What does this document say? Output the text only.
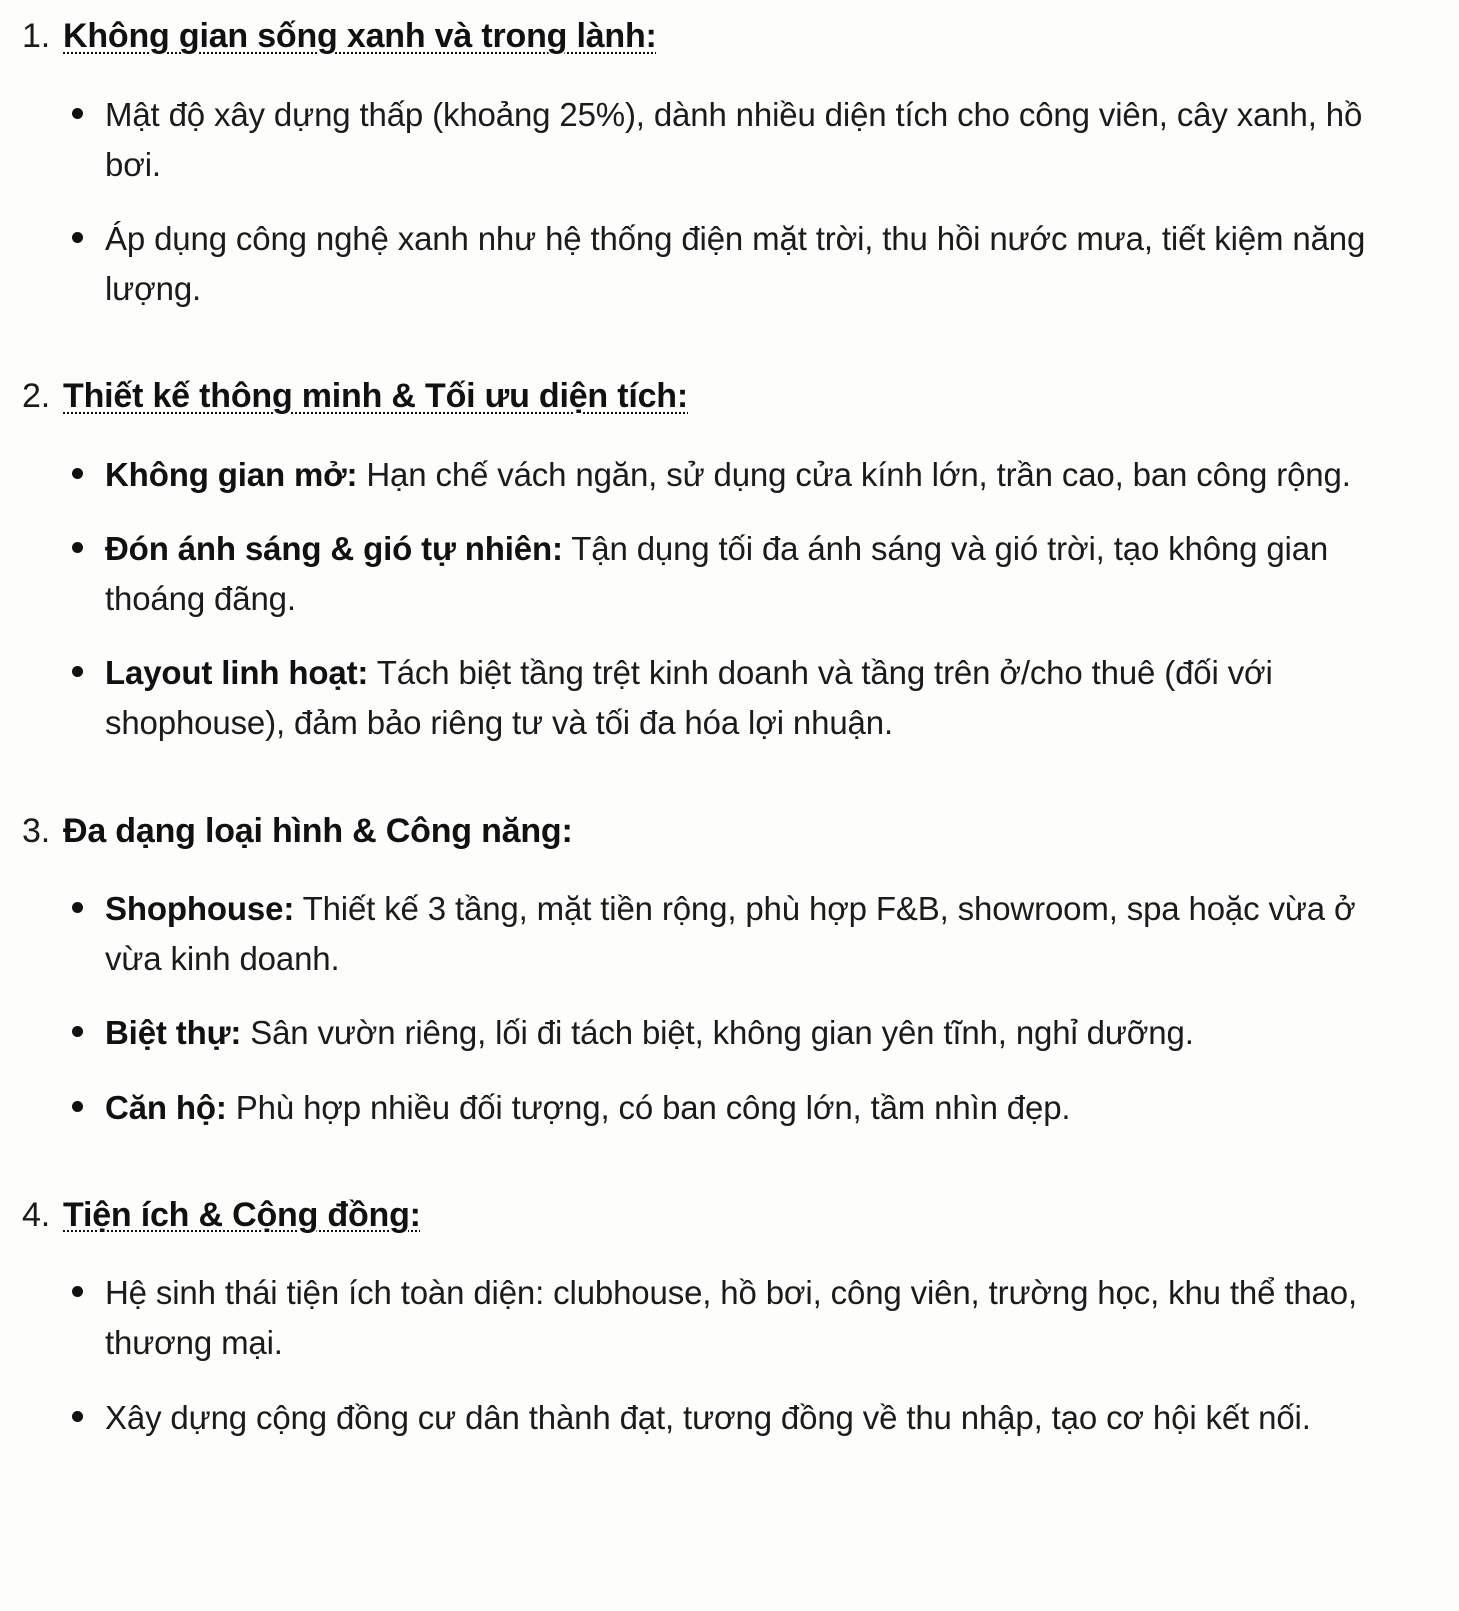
1. Không gian sống xanh và trong lành:
Mật độ xây dựng thấp (khoảng 25%), dành nhiều diện tích cho công viên, cây xanh, hồ bơi.
Áp dụng công nghệ xanh như hệ thống điện mặt trời, thu hồi nước mưa, tiết kiệm năng lượng.
2. Thiết kế thông minh & Tối ưu diện tích:
Không gian mở: Hạn chế vách ngăn, sử dụng cửa kính lớn, trần cao, ban công rộng.
Đón ánh sáng & gió tự nhiên: Tận dụng tối đa ánh sáng và gió trời, tạo không gian thoáng đãng.
Layout linh hoạt: Tách biệt tầng trệt kinh doanh và tầng trên ở/cho thuê (đối với shophouse), đảm bảo riêng tư và tối đa hóa lợi nhuận.
3. Đa dạng loại hình & Công năng:
Shophouse: Thiết kế 3 tầng, mặt tiền rộng, phù hợp F&B, showroom, spa hoặc vừa ở vừa kinh doanh.
Biệt thự: Sân vườn riêng, lối đi tách biệt, không gian yên tĩnh, nghỉ dưỡng.
Căn hộ: Phù hợp nhiều đối tượng, có ban công lớn, tầm nhìn đẹp.
4. Tiện ích & Cộng đồng:
Hệ sinh thái tiện ích toàn diện: clubhouse, hồ bơi, công viên, trường học, khu thể thao, thương mại.
Xây dựng cộng đồng cư dân thành đạt, tương đồng về thu nhập, tạo cơ hội kết nối.
